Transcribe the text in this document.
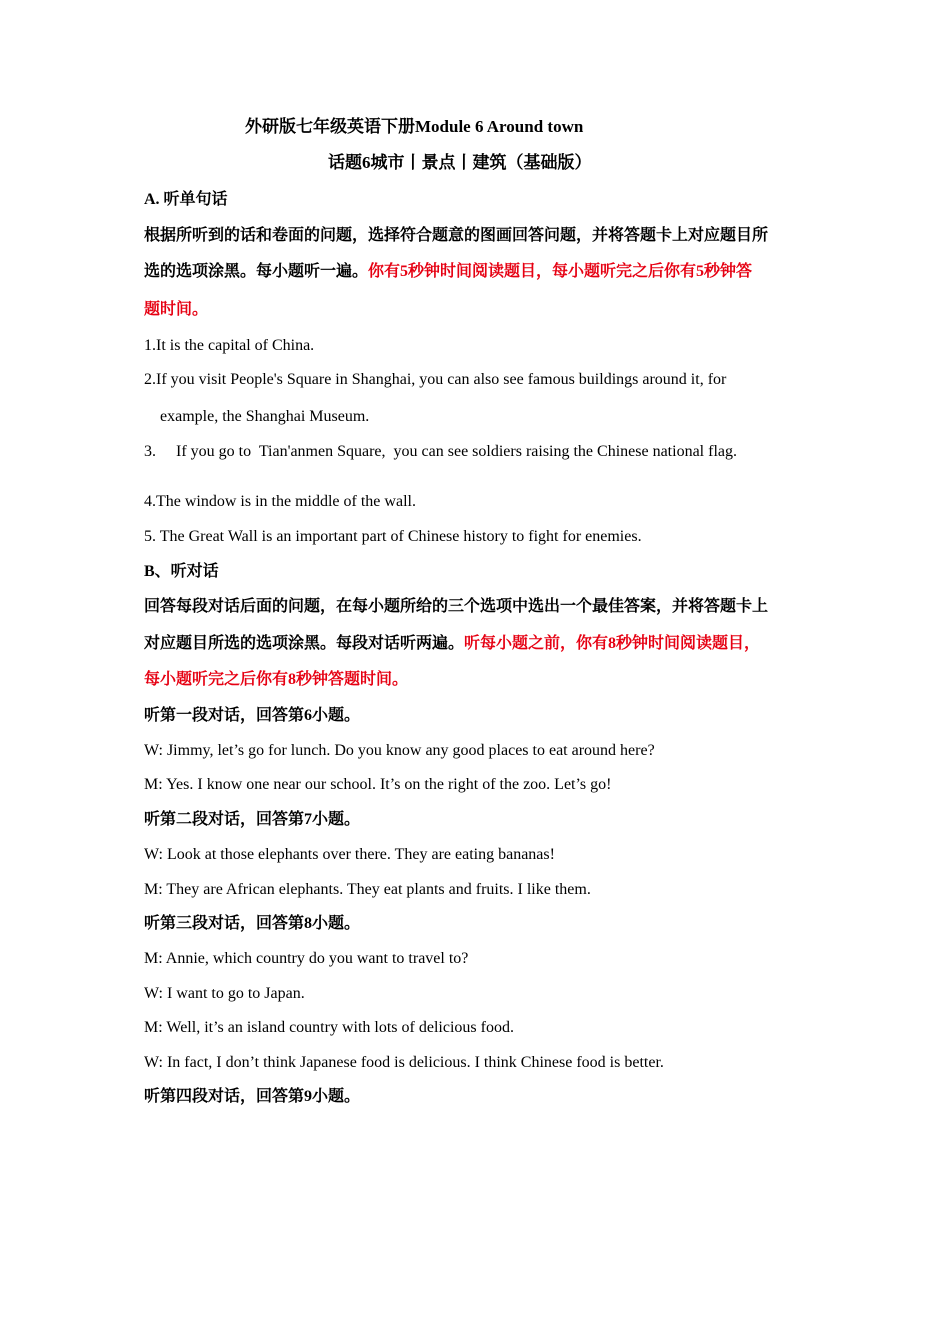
外研版七年级英语下册Module 6 Around town
话题6城市丨景点丨建筑（基础版）
A. 听单句话
根据所听到的话和卷面的问题，选择符合题意的图画回答问题，并将答题卡上对应题目所
选的选项涂黑。每小题听一遍。你有5秒钟时间阅读题目，每小题听完之后你有5秒钟答
题时间。
1.It is the capital of China.
2.If you visit People's Square in Shanghai, you can also see famous buildings around it, for
example, the Shanghai Museum.
3.     If you go to  Tian'anmen Square,  you can see soldiers raising the Chinese national flag.
4.The window is in the middle of the wall.
5. The Great Wall is an important part of Chinese history to fight for enemies.
B、听对话
回答每段对话后面的问题，在每小题所给的三个选项中选出一个最佳答案，并将答题卡上
对应题目所选的选项涂黑。每段对话听两遍。听每小题之前，你有8秒钟时间阅读题目，
每小题听完之后你有8秒钟答题时间。
听第一段对话，回答第6小题。
W: Jimmy, let’s go for lunch. Do you know any good places to eat around here?
M: Yes. I know one near our school. It’s on the right of the zoo. Let’s go!
听第二段对话，回答第7小题。
W: Look at those elephants over there. They are eating bananas!
M: They are African elephants. They eat plants and fruits. I like them.
听第三段对话，回答第8小题。
M: Annie, which country do you want to travel to?
W: I want to go to Japan.
M: Well, it’s an island country with lots of delicious food.
W: In fact, I don’t think Japanese food is delicious. I think Chinese food is better.
听第四段对话，回答第9小题。
